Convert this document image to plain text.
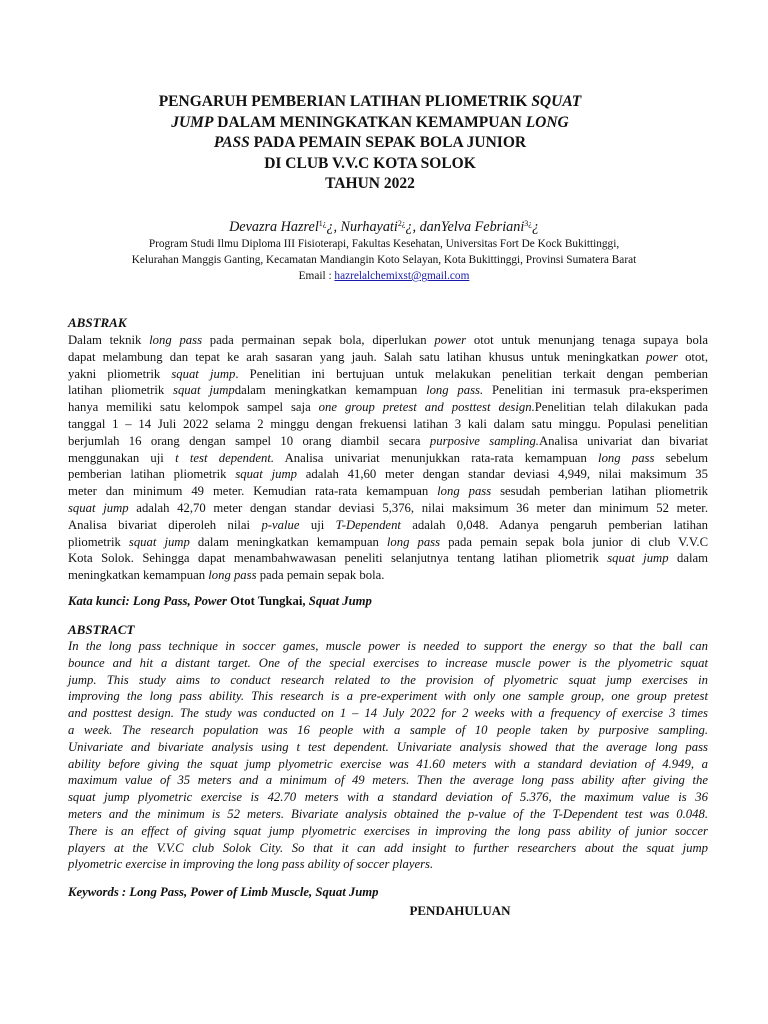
PENGARUH PEMBERIAN LATIHAN PLIOMETRIK SQUAT
JUMP DALAM MENINGKATKAN KEMAMPUAN LONG
PASS PADA PEMAIN SEPAK BOLA JUNIOR
DI CLUB V.V.C KOTA SOLOK
TAHUN 2022
Devazra Hazrel$^{1¿}$¿, Nurhayati$^{2¿}$¿, danYelva Febriani$^{3¿}$¿
Program Studi Ilmu Diploma III Fisioterapi, Fakultas Kesehatan, Universitas Fort De Kock Bukittinggi,
Kelurahan Manggis Ganting, Kecamatan Mandiangin Koto Selayan, Kota Bukittinggi, Provinsi Sumatera Barat
Email : hazrelalchemixst@gmail.com
ABSTRAK
Dalam teknik long pass pada permainan sepak bola, diperlukan power otot untuk menunjang tenaga supaya bola
dapat melambung dan tepat ke arah sasaran yang jauh. Salah satu latihan khusus untuk meningkatkan power otot,
yakni pliometrik squat jump. Penelitian ini bertujuan untuk melakukan penelitian terkait dengan pemberian
latihan pliometrik squat jumpdalam meningkatkan kemampuan long pass. Penelitian ini termasuk pra-eksperimen
hanya memiliki satu kelompok sampel saja one group pretest and posttest design.Penelitian telah dilakukan pada
tanggal 1 – 14 Juli 2022 selama 2 minggu dengan frekuensi latihan 3 kali dalam satu minggu. Populasi penelitian
berjumlah 16 orang dengan sampel 10 orang diambil secara purposive sampling.Analisa univariat dan bivariat
menggunakan uji t test dependent. Analisa univariat menunjukkan rata-rata kemampuan long pass sebelum
pemberian latihan pliometrik squat jump adalah 41,60 meter dengan standar deviasi 4,949, nilai maksimum 35
meter dan minimum 49 meter. Kemudian rata-rata kemampuan long pass sesudah pemberian latihan pliometrik
squat jump adalah 42,70 meter dengan standar deviasi 5,376, nilai maksimum 36 meter dan minimum 52 meter.
Analisa bivariat diperoleh nilai p-value uji T-Dependent adalah 0,048. Adanya pengaruh pemberian latihan
pliometrik squat jump dalam meningkatkan kemampuan long pass pada pemain sepak bola junior di club V.V.C
Kota Solok. Sehingga dapat menambahwawasan peneliti selanjutnya tentang latihan pliometrik squat jump dalam
meningkatkan kemampuan long pass pada pemain sepak bola.
Kata kunci: Long Pass, Power Otot Tungkai, Squat Jump
ABSTRACT
In the long pass technique in soccer games, muscle power is needed to support the energy so that the ball can
bounce and hit a distant target. One of the special exercises to increase muscle power is the plyometric squat
jump. This study aims to conduct research related to the provision of plyometric squat jump exercises in
improving the long pass ability. This research is a pre-experiment with only one sample group, one group pretest
and posttest design. The study was conducted on 1 – 14 July 2022 for 2 weeks with a frequency of exercise 3 times
a week. The research population was 16 people with a sample of 10 people taken by purposive sampling.
Univariate and bivariate analysis using t test dependent. Univariate analysis showed that the average long pass
ability before giving the squat jump plyometric exercise was 41.60 meters with a standard deviation of 4.949, a
maximum value of 35 meters and a minimum of 49 meters. Then the average long pass ability after giving the
squat jump plyometric exercise is 42.70 meters with a standard deviation of 5.376, the maximum value is 36
meters and the minimum is 52 meters. Bivariate analysis obtained the p-value of the T-Dependent test was 0.048.
There is an effect of giving squat jump plyometric exercises in improving the long pass ability of junior soccer
players at the V.V.C club Solok City. So that it can add insight to further researchers about the squat jump
plyometric exercise in improving the long pass ability of soccer players.
Keywords : Long Pass, Power of Limb Muscle, Squat Jump
PENDAHULUAN
